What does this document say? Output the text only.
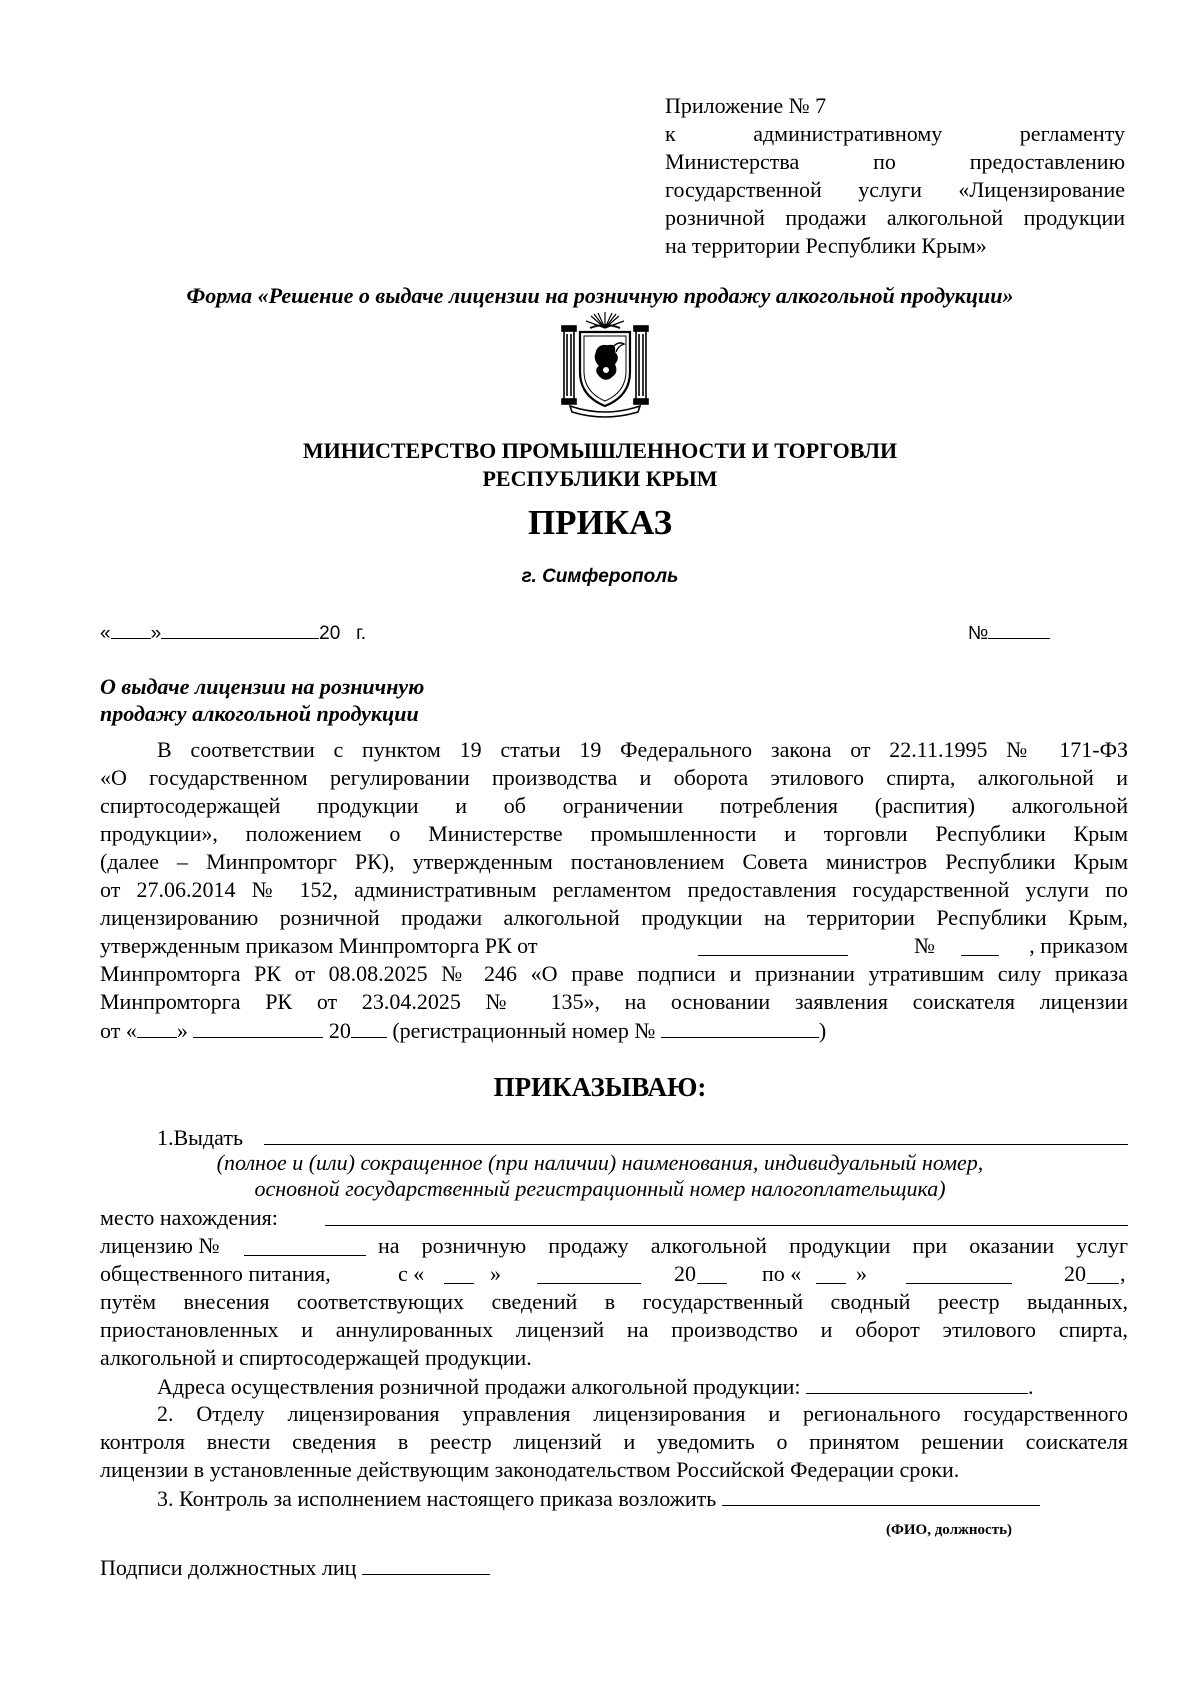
Приложение № 7
к административному регламенту
Министерства по предоставлению
государственной услуги «Лицензирование
розничной продажи алкогольной продукции
на территории Республики Крым»
Форма «Решение о выдаче лицензии на розничную продажу алкогольной продукции»
МИНИСТЕРСТВО ПРОМЫШЛЕННОСТИ И ТОРГОВЛИ
РЕСПУБЛИКИ КРЫМ
ПРИКАЗ
г. Симферополь
« »	20 г.	№
О выдаче лицензии на розничную
продажу алкогольной продукции
В соответствии с пунктом 19 статьи 19 Федерального закона от 22.11.1995 № 171-ФЗ
«О государственном регулировании производства и оборота этилового спирта, алкогольной и
спиртосодержащей продукции и об ограничении потребления (распития) алкогольной
продукции», положением о Министерстве промышленности и торговли Республики Крым
(далее – Минпромторг РК), утвержденным постановлением Совета министров Республики Крым
от 27.06.2014 № 152, административным регламентом предоставления государственной услуги по
лицензированию розничной продажи алкогольной продукции на территории Республики Крым,
утвержденным приказом Минпромторга РК от	№	, приказом
Минпромторга РК от 08.08.2025 № 246 «О праве подписи и признании утратившим силу приказа
Минпромторга РК от 23.04.2025 № 135», на основании заявления соискателя лицензии
от « »	20 (регистрационный номер №	)
ПРИКАЗЫВАЮ:
1.Выдать
(полное и (или) сокращенное (при наличии) наименования, индивидуальный номер,
основной государственный регистрационный номер налогоплательщика)
место нахождения:
лицензию №	на розничную продажу алкогольной продукции при оказании услуг
общественного питания,	с «	»	20	по « »	20 ,
путём внесения соответствующих сведений в государственный сводный реестр выданных,
приостановленных и аннулированных лицензий на производство и оборот этилового спирта,
алкогольной и спиртосодержащей продукции.
Адреса осуществления розничной продажи алкогольной продукции:	.
2. Отделу лицензирования управления лицензирования и регионального государственного
контроля внести сведения в реестр лицензий и уведомить о принятом решении соискателя
лицензии в установленные действующим законодательством Российской Федерации сроки.
3. Контроль за исполнением настоящего приказа возложить
(ФИО, должность)
Подписи должностных лиц
